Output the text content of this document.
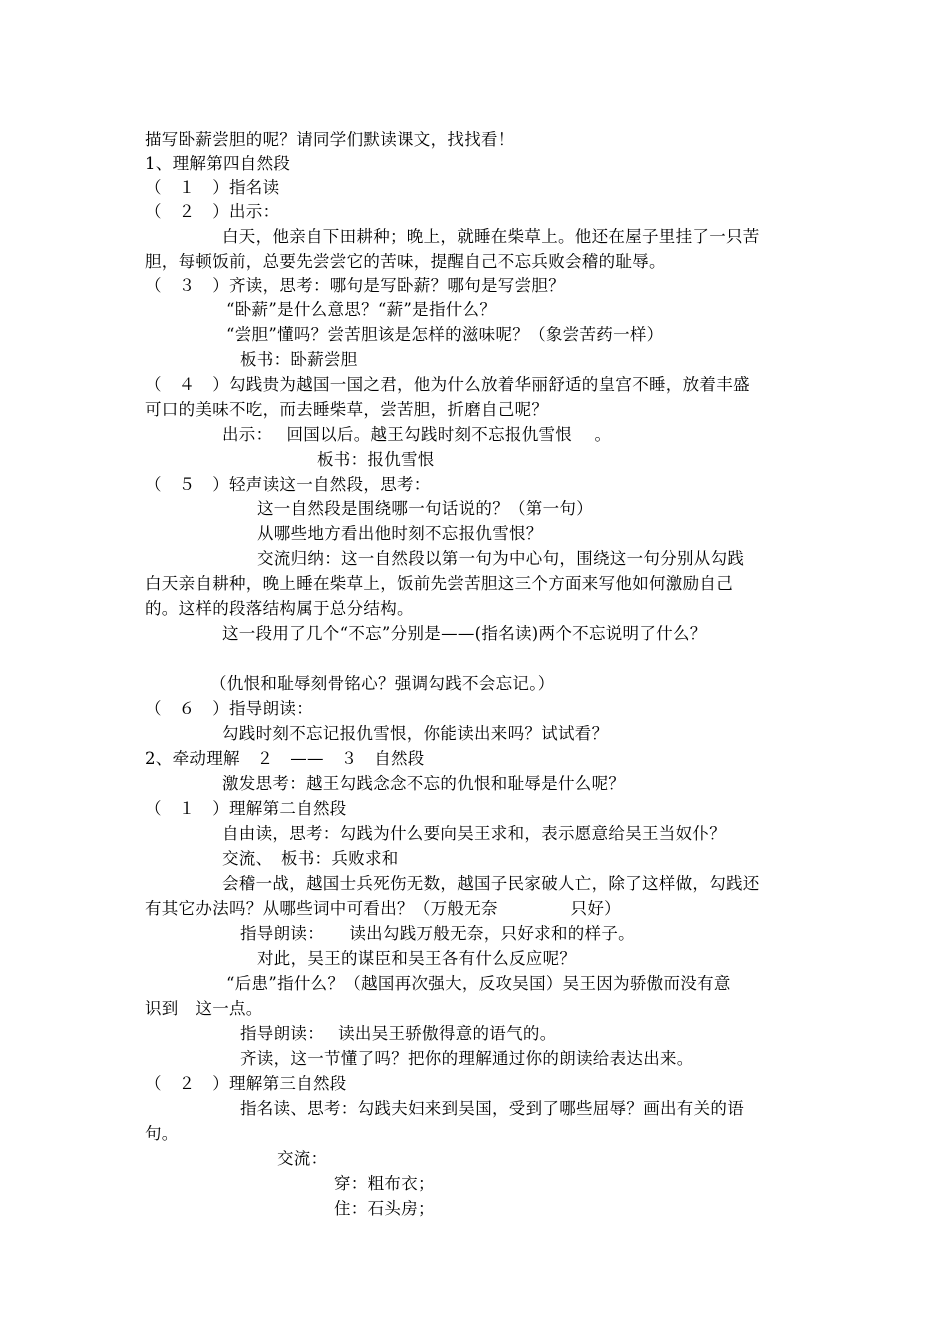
描写卧薪尝胆的呢？请同学们默读课文，找找看！
1、理解第四自然段
（　１　）指名读
（　２　）出示：
白天，他亲自下田耕种；晚上，就睡在柴草上。他还在屋子里挂了一只苦
胆，每顿饭前，总要先尝尝它的苦味，提醒自己不忘兵败会稽的耻辱。
（　３　）齐读，思考：哪句是写卧薪？哪句是写尝胆？
“卧薪”是什么意思？“薪”是指什么？
“尝胆”懂吗？尝苦胆该是怎样的滋味呢？（象尝苦药一样）
板书：卧薪尝胆
（　４　）勾践贵为越国一国之君，他为什么放着华丽舒适的皇宫不睡，放着丰盛
可口的美味不吃，而去睡柴草，尝苦胆，折磨自己呢？
出示：　 回国以后。越王勾践时刻不忘报仇雪恨　 。
板书：报仇雪恨
（　５　）轻声读这一自然段，思考：
这一自然段是围绕哪一句话说的？（第一句）
从哪些地方看出他时刻不忘报仇雪恨？
交流归纳：这一自然段以第一句为中心句，围绕这一句分别从勾践
白天亲自耕种，晚上睡在柴草上，饭前先尝苦胆这三个方面来写他如何激励自己
的。这样的段落结构属于总分结构。
这一段用了几个“不忘”分别是——(指名读)两个不忘说明了什么？
（仇恨和耻辱刻骨铭心？强调勾践不会忘记。）
（　６　）指导朗读：
勾践时刻不忘记报仇雪恨，你能读出来吗？试试看？
2、牵动理解　２　——　３　自然段
激发思考：越王勾践念念不忘的仇恨和耻辱是什么呢？
（　１　）理解第二自然段
自由读，思考：勾践为什么要向吴王求和，表示愿意给吴王当奴仆？
交流、　板书：兵败求和
会稽一战，越国士兵死伤无数，越国子民家破人亡，除了这样做，勾践还
有其它办法吗？从哪些词中可看出？（万般无奈　　　　 只好）
指导朗读：　　读出勾践万般无奈，只好求和的样子。
对此，吴王的谋臣和吴王各有什么反应呢？
“后患”指什么？（越国再次强大，反攻吴国）吴王因为骄傲而没有意
识到　这一点。
指导朗读：　 读出吴王骄傲得意的语气的。
齐读，这一节懂了吗？把你的理解通过你的朗读给表达出来。
（　２　）理解第三自然段
指名读、思考：勾践夫妇来到吴国，受到了哪些屈辱？画出有关的语
句。
交流：
穿：粗布衣；
住：石头房；
